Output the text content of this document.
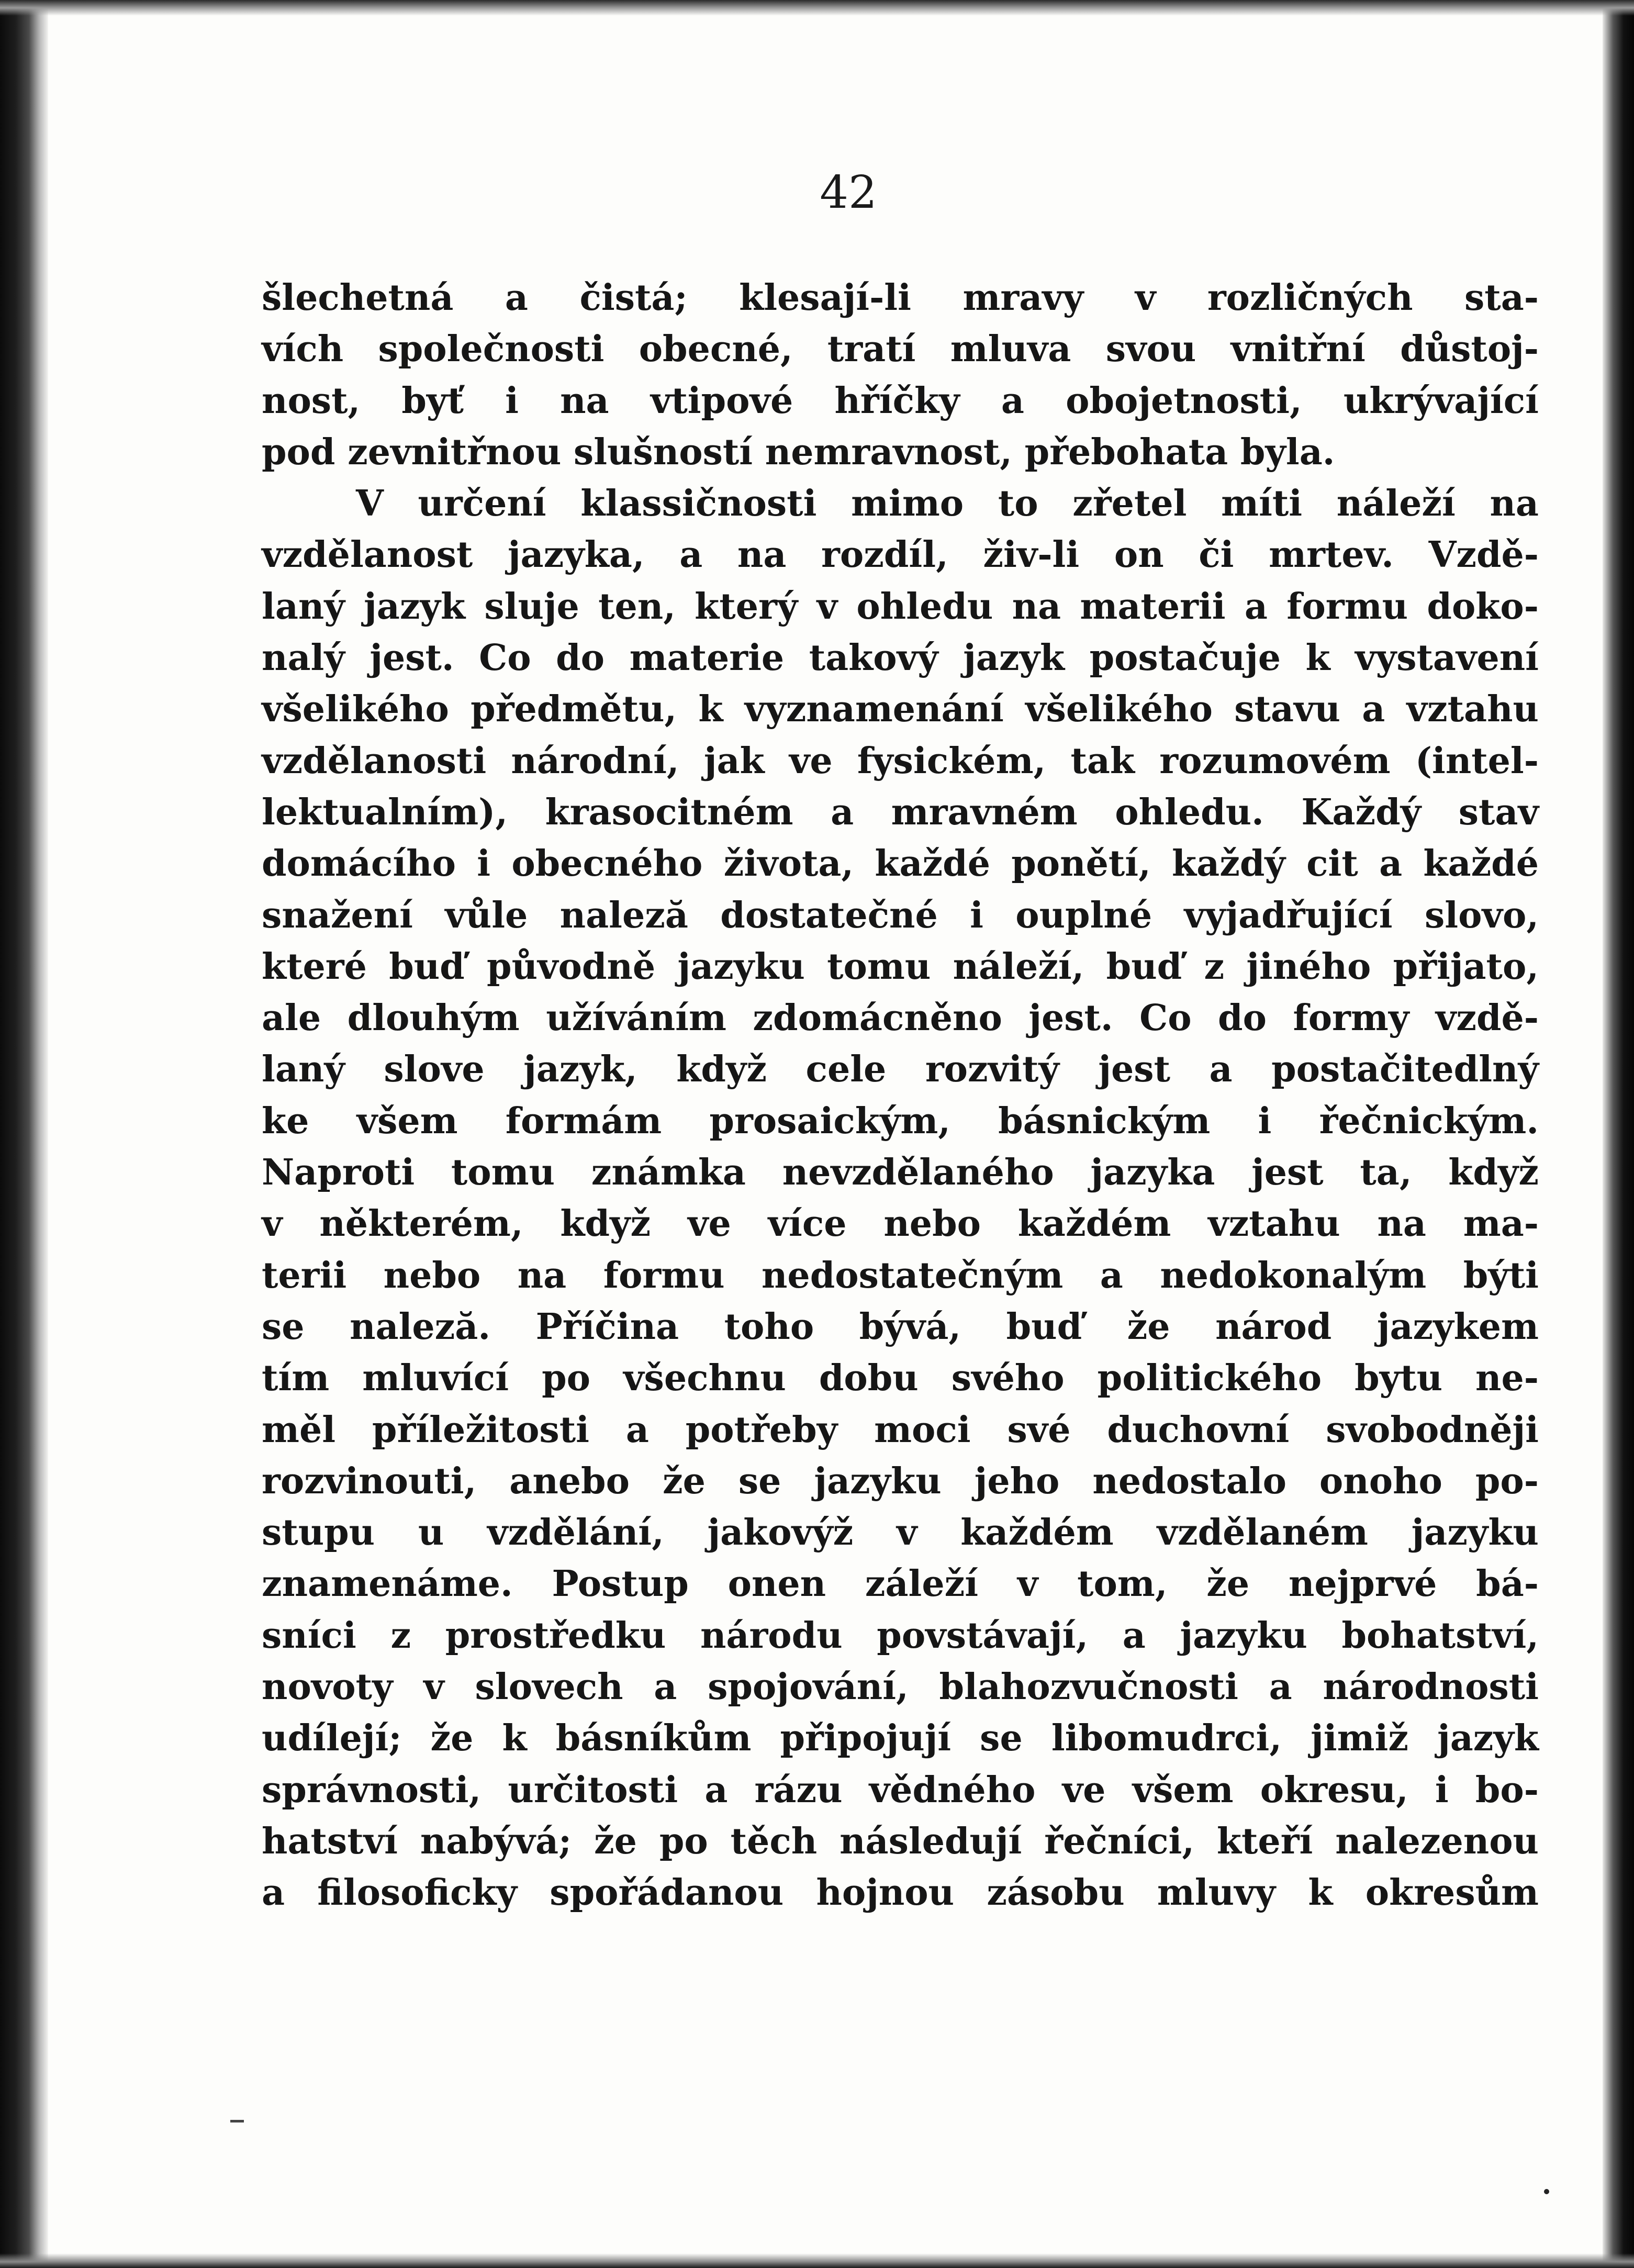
42
šlechetná a čistá; klesají-li mravy v rozličných sta-
vích společnosti obecné, tratí mluva svou vnitřní důstoj-
nost, byť i na vtipové hříčky a obojetnosti, ukrývající
pod zevnitřnou slušností nemravnost, přebohata byla.
V určení klassičnosti mimo to zřetel míti náleží na
vzdělanost jazyka, a na rozdíl, živ-li on či mrtev. Vzdě-
laný jazyk sluje ten, který v ohledu na materii a formu doko-
nalý jest. Co do materie takový jazyk postačuje k vystavení
všelikého předmětu, k vyznamenání všelikého stavu a vztahu
vzdělanosti národní, jak ve fysickém, tak rozumovém (intel-
lektualním), krasocitném a mravném ohledu. Každý stav
domácího i obecného života, každé ponětí, každý cit a každé
snažení vůle naleză dostatečné i ouplné vyjadřující slovo,
které buď původně jazyku tomu náleží, buď z jiného přijato,
ale dlouhým užíváním zdomácněno jest. Co do formy vzdě-
laný slove jazyk, když cele rozvitý jest a postačitedlný
ke všem formám prosaickým, básnickým i řečnickým.
Naproti tomu známka nevzdělaného jazyka jest ta, když
v některém, když ve více nebo každém vztahu na ma-
terii nebo na formu nedostatečným a nedokonalým býti
se naleză. Příčina toho bývá, buď že národ jazykem
tím mluvící po všechnu dobu svého politického bytu ne-
měl příležitosti a potřeby moci své duchovní svobodněji
rozvinouti, anebo že se jazyku jeho nedostalo onoho po-
stupu u vzdělání, jakovýž v každém vzdělaném jazyku
znamenáme. Postup onen záleží v tom, že nejprvé bá-
sníci z prostředku národu povstávají, a jazyku bohatství,
novoty v slovech a spojování, blahozvučnosti a národnosti
udílejí; že k básníkům připojují se libomudrci, jimiž jazyk
správnosti, určitosti a rázu vědného ve všem okresu, i bo-
hatství nabývá; že po těch následují řečníci, kteří nalezenou
a filosoficky spořádanou hojnou zásobu mluvy k okresům
